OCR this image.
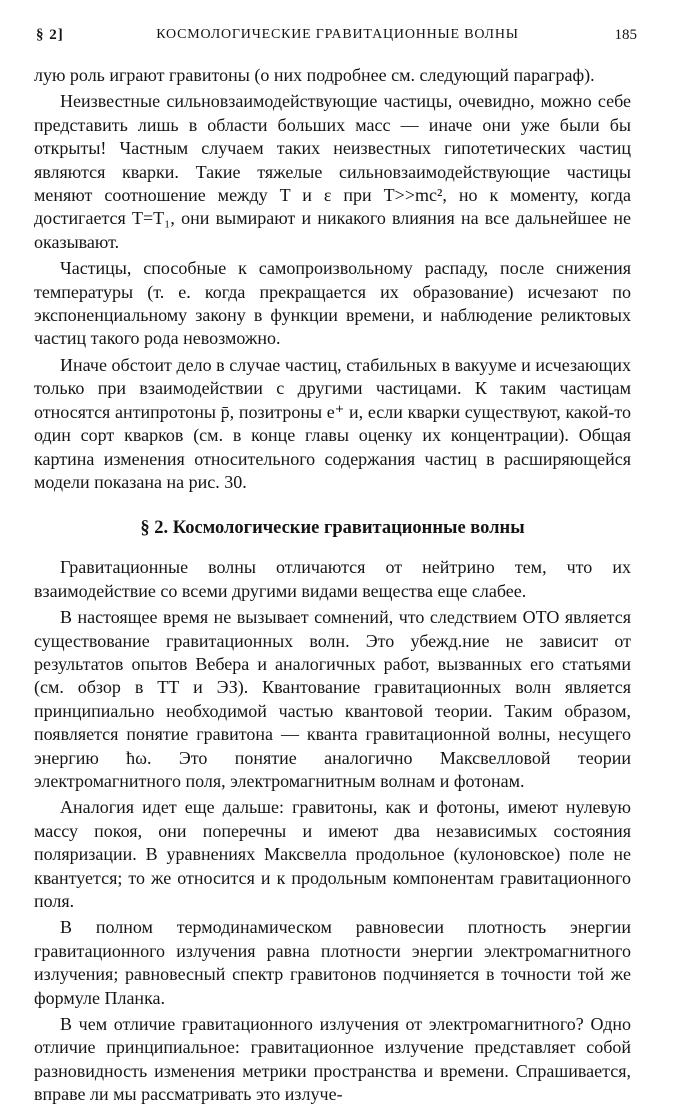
§ 2]	КОСМОЛОГИЧЕСКИЕ ГРАВИТАЦИОННЫЕ ВОЛНЫ	185

лую роль играют гравитоны (о них подробнее см. следующий параграф).

Неизвестные сильновзаимодействующие частицы, очевидно, можно себе представить лишь в области больших масс — иначе они уже были бы открыты! Частным случаем таких неизвестных гипотетических частиц являются кварки. Такие тяжелые сильновзаимодействующие частицы меняют соотношение между T и ε при T>>mc², но к моменту, когда достигается T=T₁, они вымирают и никакого влияния на все дальнейшее не оказывают.

Частицы, способные к самопроизвольному распаду, после снижения температуры (т. е. когда прекращается их образование) исчезают по экспоненциальному закону в функции времени, и наблюдение реликтовых частиц такого рода невозможно.

Иначе обстоит дело в случае частиц, стабильных в вакууме и исчезающих только при взаимодействии с другими частицами. К таким частицам относятся антипротоны p̄, позитроны e⁺ и, если кварки существуют, какой-то один сорт кварков (см. в конце главы оценку их концентрации). Общая картина изменения относительного содержания частиц в расширяющейся модели показана на рис. 30.

§ 2. Космологические гравитационные волны

Гравитационные волны отличаются от нейтрино тем, что их взаимодействие со всеми другими видами вещества еще слабее.

В настоящее время не вызывает сомнений, что следствием ОТО является существование гравитационных волн. Это убежд.ние не зависит от результатов опытов Вебера и аналогичных работ, вызванных его статьями (см. обзор в ТТ и ЭЗ). Квантование гравитационных волн является принципиально необходимой частью квантовой теории. Таким образом, появляется понятие гравитона — кванта гравитационной волны, несущего энергию ħω. Это понятие аналогично Максвелловой теории электромагнитного поля, электромагнитным волнам и фотонам.

Аналогия идет еще дальше: гравитоны, как и фотоны, имеют нулевую массу покоя, они поперечны и имеют два независимых состояния поляризации. В уравнениях Максвелла продольное (кулоновское) поле не квантуется; то же относится и к продольным компонентам гравитационного поля.

В полном термодинамическом равновесии плотность энергии гравитационного излучения равна плотности энергии электромагнитного излучения; равновесный спектр гравитонов подчиняется в точности той же формуле Планка.

В чем отличие гравитационного излучения от электромагнитного? Одно отличие принципиальное: гравитационное излучение представляет собой разновидность изменения метрики пространства и времени. Спрашивается, вправе ли мы рассматривать это излуче-
